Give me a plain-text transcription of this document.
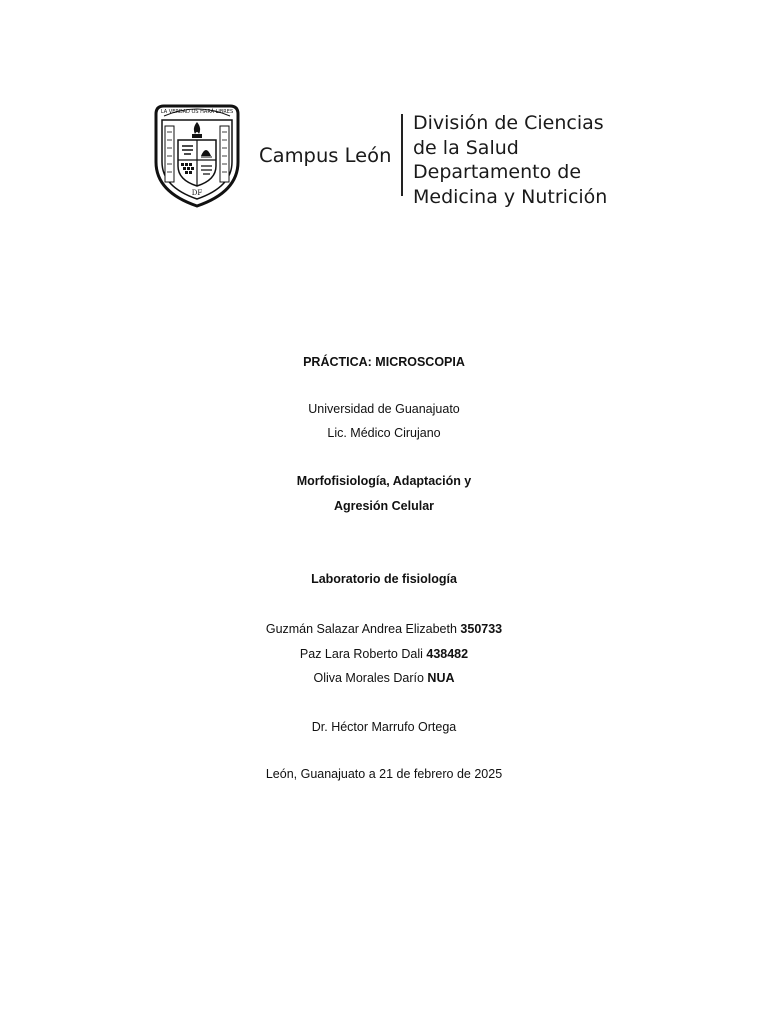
LA VERDAD OS HARÁ LIBRES
DF
Campus León
División de Ciencias
de la Salud
Departamento de
Medicina y Nutrición
PRÁCTICA: MICROSCOPIA
Universidad de Guanajuato
Lic. Médico Cirujano
Morfofisiología, Adaptación y
Agresión Celular
Laboratorio de fisiología
Guzmán Salazar Andrea Elizabeth 350733
Paz Lara Roberto Dali 438482
Oliva Morales Darío NUA
Dr. Héctor Marrufo Ortega
León, Guanajuato a 21 de febrero de 2025
